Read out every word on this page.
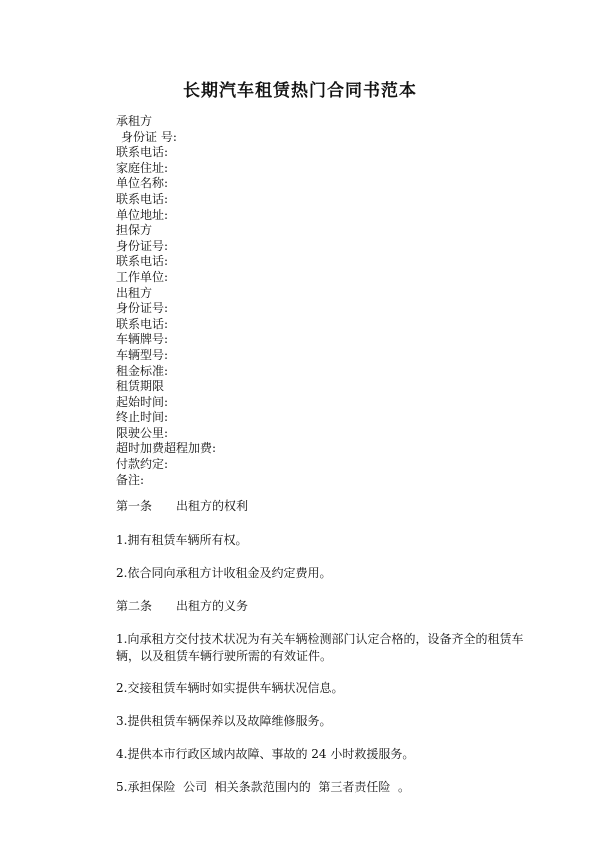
长期汽车租赁热门合同书范本
承租方
身份证 号:
联系电话:
家庭住址:
单位名称:
联系电话:
单位地址:
担保方
身份证号:
联系电话:
工作单位:
出租方
身份证号:
联系电话:
车辆牌号:
车辆型号:
租金标准:
租赁期限
起始时间:
终止时间:
限驶公里:
超时加费超程加费:
付款约定:
备注:

第一条 出租方的权利

1.拥有租赁车辆所有权。

2.依合同向承租方计收租金及约定费用。

第二条 出租方的义务

1.向承租方交付技术状况为有关车辆检测部门认定合格的，设备齐全的租赁车辆，以及租赁车辆行驶所需的有效证件。

2.交接租赁车辆时如实提供车辆状况信息。

3.提供租赁车辆保养以及故障维修服务。

4.提供本市行政区域内故障、事故的 24 小时救援服务。

5.承担保险  公司  相关条款范围内的  第三者责任险  。
